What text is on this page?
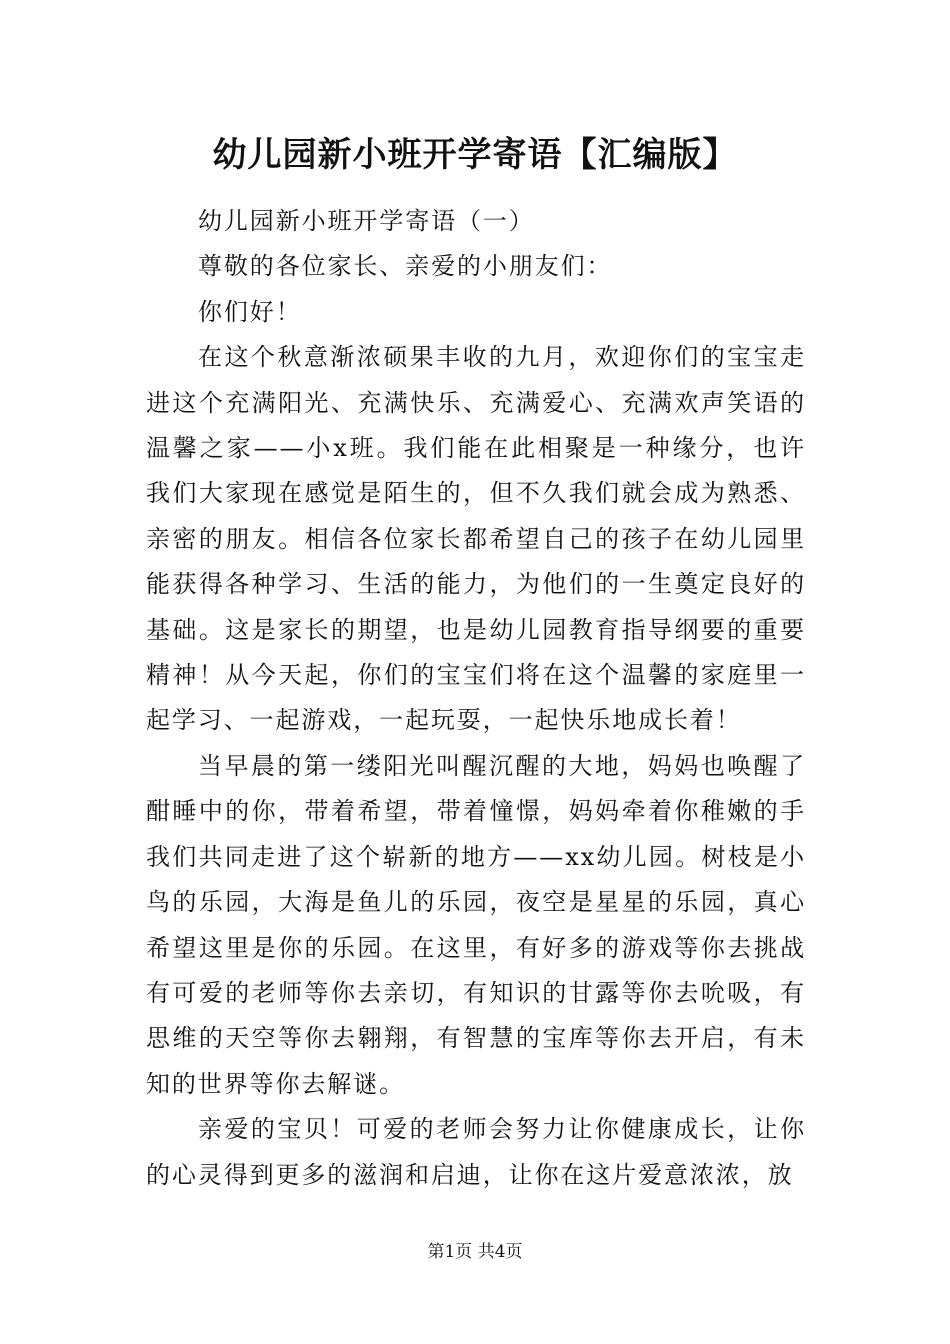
幼儿园新小班开学寄语【汇编版】

幼儿园新小班开学寄语（一）

尊敬的各位家长、亲爱的小朋友们：

你们好！

在这个秋意渐浓硕果丰收的九月，欢迎你们的宝宝走进这个充满阳光、充满快乐、充满爱心、充满欢声笑语的温馨之家——小x班。我们能在此相聚是一种缘分，也许我们大家现在感觉是陌生的，但不久我们就会成为熟悉、亲密的朋友。相信各位家长都希望自己的孩子在幼儿园里能获得各种学习、生活的能力，为他们的一生奠定良好的基础。这是家长的期望，也是幼儿园教育指导纲要的重要精神！从今天起，你们的宝宝们将在这个温馨的家庭里一起学习、一起游戏，一起玩耍，一起快乐地成长着！

当早晨的第一缕阳光叫醒沉醒的大地，妈妈也唤醒了酣睡中的你，带着希望，带着憧憬，妈妈牵着你稚嫩的手我们共同走进了这个崭新的地方——xx幼儿园。树枝是小鸟的乐园，大海是鱼儿的乐园，夜空是星星的乐园，真心希望这里是你的乐园。在这里，有好多的游戏等你去挑战有可爱的老师等你去亲切，有知识的甘露等你去吮吸，有思维的天空等你去翱翔，有智慧的宝库等你去开启，有未知的世界等你去解谜。

亲爱的宝贝！可爱的老师会努力让你健康成长，让你的心灵得到更多的滋润和启迪，让你在这片爱意浓浓，放

第1页 共4页
